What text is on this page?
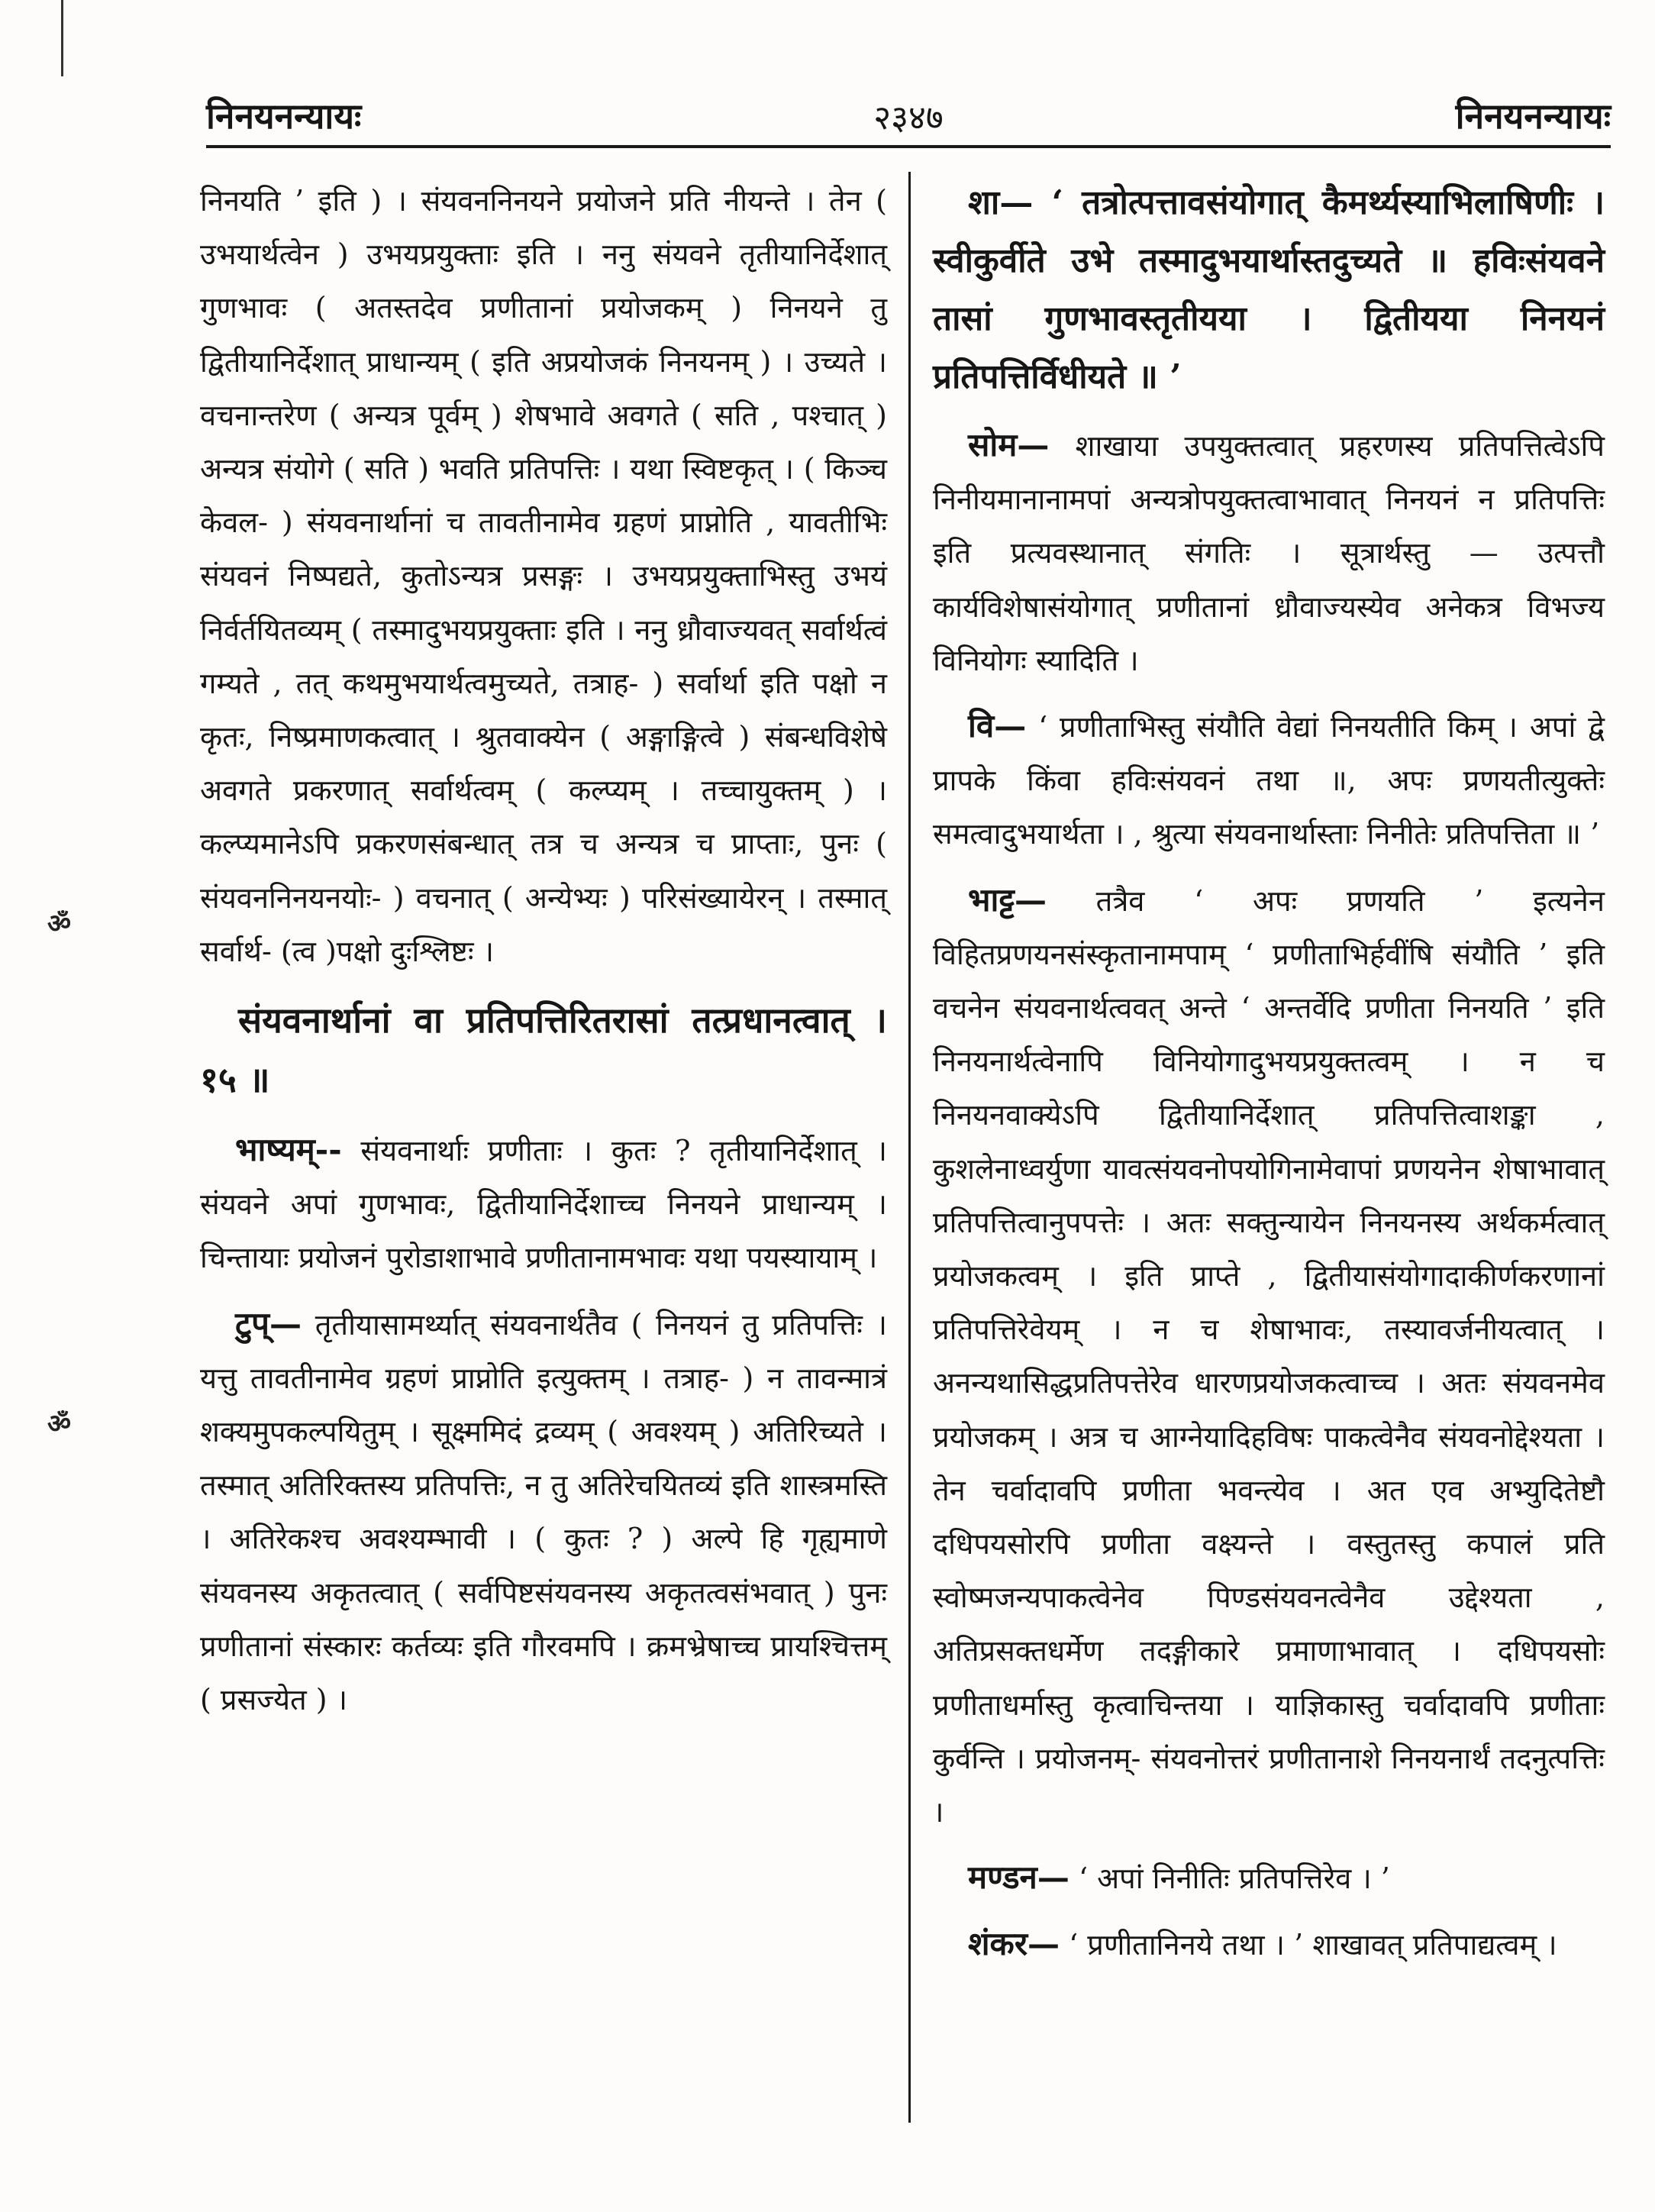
ॐ
ॐ
निनयनन्यायः	२३४७	निनयनन्यायः

निनयति ’ इति ) । संयवननिनयने प्रयोजने प्रति नीयन्ते । तेन ( उभयार्थत्वेन ) उभयप्रयुक्ताः इति । ननु संयवने तृतीयानिर्देशात् गुणभावः ( अतस्तदेव प्रणीतानां प्रयोजकम् ) निनयने तु द्वितीयानिर्देशात् प्राधान्यम् ( इति अप्रयोजकं निनयनम् ) । उच्यते । वचनान्तरेण ( अन्यत्र पूर्वम् ) शेषभावे अवगते ( सति , पश्चात् ) अन्यत्र संयोगे ( सति ) भवति प्रतिपत्तिः । यथा स्विष्टकृत् । ( किञ्च केवल- ) संयवनार्थानां च तावतीनामेव ग्रहणं प्राप्नोति , यावतीभिः संयवनं निष्पद्यते, कुतोऽन्यत्र प्रसङ्गः । उभयप्रयुक्ताभिस्तु उभयं निर्वर्तयितव्यम् ( तस्मादुभयप्रयुक्ताः इति । ननु ध्रौवाज्यवत् सर्वार्थत्वं गम्यते , तत् कथमुभयार्थत्वमुच्यते, तत्राह- ) सर्वार्था इति पक्षो न कृतः, निष्प्रमाणकत्वात् । श्रुतवाक्येन ( अङ्गाङ्गित्वे ) संबन्धविशेषे अवगते प्रकरणात् सर्वार्थत्वम् ( कल्प्यम् । तच्चायुक्तम् ) । कल्प्यमानेऽपि प्रकरणसंबन्धात् तत्र च अन्यत्र च प्राप्ताः, पुनः ( संयवननिनयनयोः- ) वचनात् ( अन्येभ्यः ) परिसंख्यायेरन् । तस्मात् सर्वार्थ- (त्व )पक्षो दुःश्लिष्टः ।

संयवनार्थानां वा प्रतिपत्तिरितरासां तत्प्रधानत्वात् । १५ ॥

भाष्यम्-- संयवनार्थाः प्रणीताः । कुतः ? तृतीयानिर्देशात् । संयवने अपां गुणभावः, द्वितीयानिर्देशाच्च निनयने प्राधान्यम् । चिन्तायाः प्रयोजनं पुरोडाशाभावे प्रणीतानामभावः यथा पयस्यायाम् ।

टुप्— तृतीयासामर्थ्यात् संयवनार्थतैव ( निनयनं तु प्रतिपत्तिः । यत्तु तावतीनामेव ग्रहणं प्राप्नोति इत्युक्तम् । तत्राह- ) न तावन्मात्रं शक्यमुपकल्पयितुम् । सूक्ष्ममिदं द्रव्यम् ( अवश्यम् ) अतिरिच्यते । तस्मात् अतिरिक्तस्य प्रतिपत्तिः, न तु अतिरेचयितव्यं इति शास्त्रमस्ति । अतिरेकश्च अवश्यम्भावी । ( कुतः ? ) अल्पे हि गृह्यमाणे संयवनस्य अकृतत्वात् ( सर्वपिष्टसंयवनस्य अकृतत्वसंभवात् ) पुनः प्रणीतानां संस्कारः कर्तव्यः इति गौरवमपि । क्रमभ्रेषाच्च प्रायश्चित्तम् ( प्रसज्येत ) ।

शा— ‘ तत्रोत्पत्तावसंयोगात् कैमर्थ्यस्याभिलाषिणीः । स्वीकुर्वीते उभे तस्मादुभयार्थास्तदुच्यते ॥ हविःसंयवने तासां गुणभावस्तृतीयया । द्वितीयया निनयनं प्रतिपत्तिर्विधीयते ॥ ’

सोम— शाखाया उपयुक्तत्वात् प्रहरणस्य प्रतिपत्तित्वेऽपि निनीयमानानामपां अन्यत्रोपयुक्तत्वाभावात् निनयनं न प्रतिपत्तिः इति प्रत्यवस्थानात् संगतिः । सूत्रार्थस्तु — उत्पत्तौ कार्यविशेषासंयोगात् प्रणीतानां ध्रौवाज्यस्येव अनेकत्र विभज्य विनियोगः स्यादिति ।

वि— ‘ प्रणीताभिस्तु संयौति वेद्यां निनयतीति किम् । अपां द्वे प्रापके किंवा हविःसंयवनं तथा ॥, अपः प्रणयतीत्युक्तेः समत्वादुभयार्थता । , श्रुत्या संयवनार्थास्ताः निनीतेः प्रतिपत्तिता ॥ ’

भाट्ट— तत्रैव ‘ अपः प्रणयति ’ इत्यनेन विहितप्रणयनसंस्कृतानामपाम् ‘ प्रणीताभिर्हवींषि संयौति ’ इति वचनेन संयवनार्थत्ववत् अन्ते ‘ अन्तर्वेदि प्रणीता निनयति ’ इति निनयनार्थत्वेनापि विनियोगादुभयप्रयुक्तत्वम् । न च निनयनवाक्येऽपि द्वितीयानिर्देशात् प्रतिपत्तित्वाशङ्का , कुशलेनाध्वर्युणा यावत्संयवनोपयोगिनामेवापां प्रणयनेन शेषाभावात् प्रतिपत्तित्वानुपपत्तेः । अतः सक्तुन्यायेन निनयनस्य अर्थकर्मत्वात् प्रयोजकत्वम् । इति प्राप्ते , द्वितीयासंयोगादाकीर्णकरणानां प्रतिपत्तिरेवेयम् । न च शेषाभावः, तस्यावर्जनीयत्वात् । अनन्यथासिद्धप्रतिपत्तेरेव धारणप्रयोजकत्वाच्च । अतः संयवनमेव प्रयोजकम् । अत्र च आग्नेयादिहविषः पाकत्वेनैव संयवनोद्देश्यता । तेन चर्वादावपि प्रणीता भवन्त्येव । अत एव अभ्युदितेष्टौ दधिपयसोरपि प्रणीता वक्ष्यन्ते । वस्तुतस्तु कपालं प्रति स्वोष्मजन्यपाकत्वेनेव पिण्डसंयवनत्वेनैव उद्देश्यता , अतिप्रसक्तधर्मेण तदङ्गीकारे प्रमाणाभावात् । दधिपयसोः प्रणीताधर्मास्तु कृत्वाचिन्तया । याज्ञिकास्तु चर्वादावपि प्रणीताः कुर्वन्ति । प्रयोजनम्- संयवनोत्तरं प्रणीतानाशे निनयनार्थं तदनुत्पत्तिः ।

मण्डन— ‘ अपां निनीतिः प्रतिपत्तिरेव । ’

शंकर— ‘ प्रणीतानिनये तथा । ’ शाखावत् प्रतिपाद्यत्वम् ।
